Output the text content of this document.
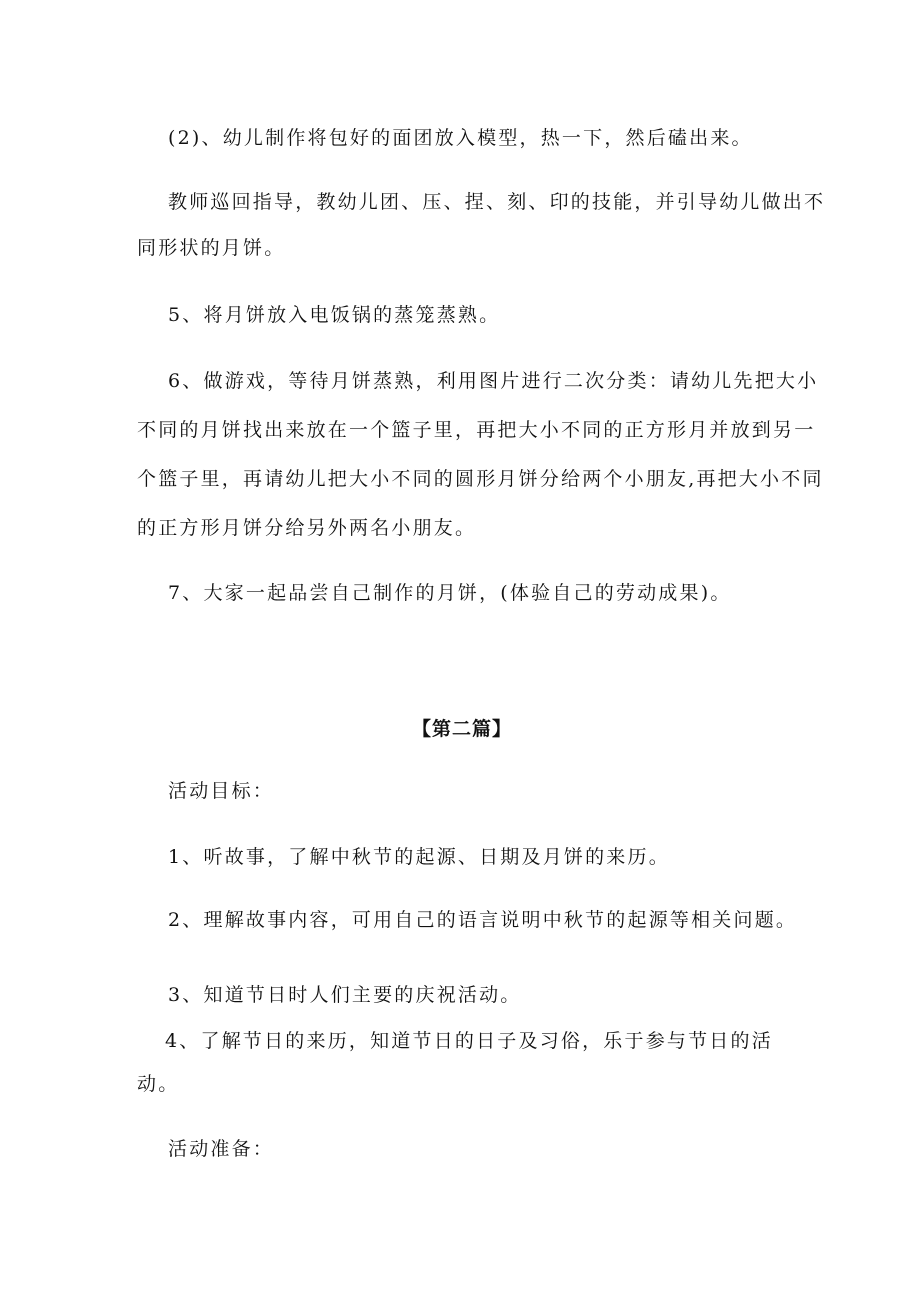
(2)、幼儿制作将包好的面团放入模型，热一下，然后磕出来。
教师巡回指导，教幼儿团、压、捏、刻、印的技能，并引导幼儿做出不
同形状的月饼。
5、将月饼放入电饭锅的蒸笼蒸熟。
6、做游戏，等待月饼蒸熟，利用图片进行二次分类：请幼儿先把大小
不同的月饼找出来放在一个篮子里，再把大小不同的正方形月并放到另一
个篮子里，再请幼儿把大小不同的圆形月饼分给两个小朋友,再把大小不同
的正方形月饼分给另外两名小朋友。
7、大家一起品尝自己制作的月饼，(体验自己的劳动成果)。
【第二篇】
活动目标：
1、听故事，了解中秋节的起源、日期及月饼的来历。
2、理解故事内容，可用自己的语言说明中秋节的起源等相关问题。
3、知道节日时人们主要的庆祝活动。
4、了解节日的来历，知道节日的日子及习俗，乐于参与节日的活
动。
活动准备：
